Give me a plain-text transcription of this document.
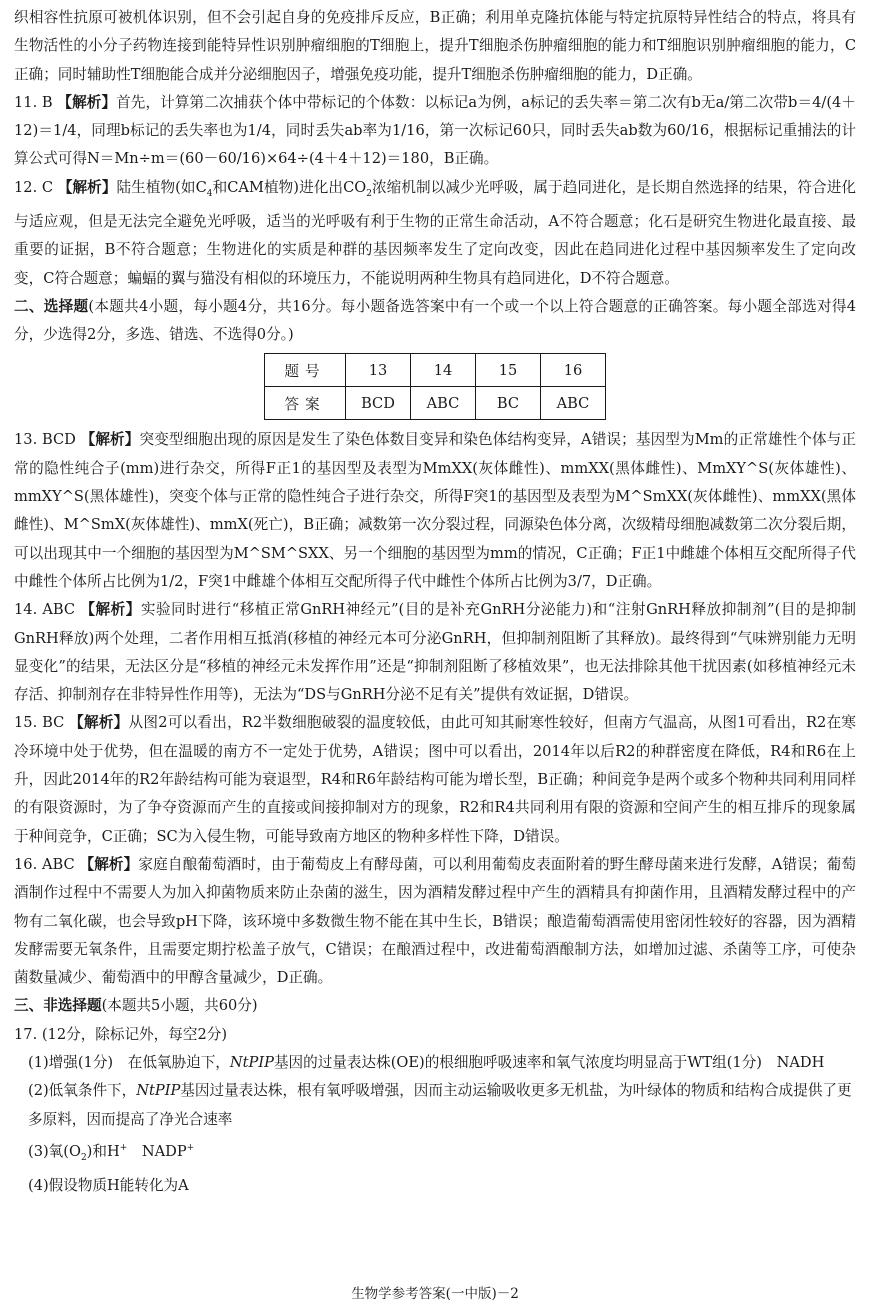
织相容性抗原可被机体识别，但不会引起自身的免疫排斥反应，B正确；利用单克隆抗体能与特定抗原特异性结合的特点，将具有生物活性的小分子药物连接到能特异性识别肿瘤细胞的T细胞上，提升T细胞杀伤肿瘤细胞的能力和T细胞识别肿瘤细胞的能力，C正确；同时辅助性T细胞能合成并分泌细胞因子，增强免疫功能，提升T细胞杀伤肿瘤细胞的能力，D正确。

11. B 【解析】首先，计算第二次捕获个体中带标记的个体数：以标记a为例，a标记的丢失率＝第二次有b无a/第二次带b＝4/(4＋12)＝1/4，同理b标记的丢失率也为1/4，同时丢失ab率为1/16，第一次标记60只，同时丢失ab数为60/16，根据标记重捕法的计算公式可得N＝Mn÷m＝(60－60/16)×64÷(4＋4＋12)＝180，B正确。
12. C 【解析】陆生植物(如$C_4$和CAM植物)进化出$CO_2$浓缩机制以减少光呼吸，属于趋同进化，是长期自然选择的结果，符合进化与适应观，但是无法完全避免光呼吸，适当的光呼吸有利于生物的正常生命活动，A不符合题意；化石是研究生物进化最直接、最重要的证据，B不符合题意；生物进化的实质是种群的基因频率发生了定向改变，因此在趋同进化过程中基因频率发生了定向改变，C符合题意；蝙蝠的翼与猫没有相似的环境压力，不能说明两种生物具有趋同进化，D不符合题意。

二、选择题(本题共4小题，每小题4分，共16分。每小题备选答案中有一个或一个以上符合题意的正确答案。每小题全部选对得4分，少选得2分，多选、错选、不选得0分。)

题号	13	14	15	16
答案	BCD	ABC	BC	ABC
13. BCD 【解析】突变型细胞出现的原因是发生了染色体数目变异和染色体结构变异，A错误；基因型为Mm的正常雄性个体与正常的隐性纯合子(mm)进行杂交，所得F正1的基因型及表型为MmXX(灰体雌性)、mmXX(黑体雌性)、MmXY^S(灰体雄性)、mmXY^S(黑体雄性)，突变个体与正常的隐性纯合子进行杂交，所得F突1的基因型及表型为M^SmXX(灰体雌性)、mmXX(黑体雌性)、M^SmX(灰体雄性)、mmX(死亡)，B正确；减数第一次分裂过程，同源染色体分离，次级精母细胞减数第二次分裂后期，可以出现其中一个细胞的基因型为M^SM^SXX、另一个细胞的基因型为mm的情况，C正确；F正1中雌雄个体相互交配所得子代中雌性个体所占比例为1/2，F突1中雌雄个体相互交配所得子代中雌性个体所占比例为3/7，D正确。
14. ABC 【解析】实验同时进行“移植正常GnRH神经元”(目的是补充GnRH分泌能力)和“注射GnRH释放抑制剂”(目的是抑制GnRH释放)两个处理，二者作用相互抵消(移植的神经元本可分泌GnRH，但抑制剂阻断了其释放)。最终得到“气味辨别能力无明显变化”的结果，无法区分是“移植的神经元未发挥作用”还是“抑制剂阻断了移植效果”，也无法排除其他干扰因素(如移植神经元未存活、抑制剂存在非特异性作用等)，无法为“DS与GnRH分泌不足有关”提供有效证据，D错误。
15. BC 【解析】从图2可以看出，R2半数细胞破裂的温度较低，由此可知其耐寒性较好，但南方气温高，从图1可看出，R2在寒冷环境中处于优势，但在温暖的南方不一定处于优势，A错误；图中可以看出，2014年以后R2的种群密度在降低，R4和R6在上升，因此2014年的R2年龄结构可能为衰退型，R4和R6年龄结构可能为增长型，B正确；种间竞争是两个或多个物种共同利用同样的有限资源时，为了争夺资源而产生的直接或间接抑制对方的现象，R2和R4共同利用有限的资源和空间产生的相互排斥的现象属于种间竞争，C正确；SC为入侵生物，可能导致南方地区的物种多样性下降，D错误。
16. ABC 【解析】家庭自酿葡萄酒时，由于葡萄皮上有酵母菌，可以利用葡萄皮表面附着的野生酵母菌来进行发酵，A错误；葡萄酒制作过程中不需要人为加入抑菌物质来防止杂菌的滋生，因为酒精发酵过程中产生的酒精具有抑菌作用，且酒精发酵过程中的产物有二氧化碳，也会导致pH下降，该环境中多数微生物不能在其中生长，B错误；酿造葡萄酒需使用密闭性较好的容器，因为酒精发酵需要无氧条件，且需要定期拧松盖子放气，C错误；在酿酒过程中，改进葡萄酒酿制方法，如增加过滤、杀菌等工序，可使杂菌数量减少、葡萄酒中的甲醇含量减少，D正确。

三、非选择题(本题共5小题，共60分)

17. (12分，除标记外，每空2分)

(1)增强(1分)　在低氧胁迫下，NtPIP基因的过量表达株(OE)的根细胞呼吸速率和氧气浓度均明显高于WT组(1分)　NADH

(2)低氧条件下，NtPIP基因过量表达株，根有氧呼吸增强，因而主动运输吸收更多无机盐，为叶绿体的物质和结构合成提供了更多原料，因而提高了净光合速率

(3)氧$(O_2)$和H+　NADP+

(4)假设物质H能转化为A

生物学参考答案(一中版)－2
